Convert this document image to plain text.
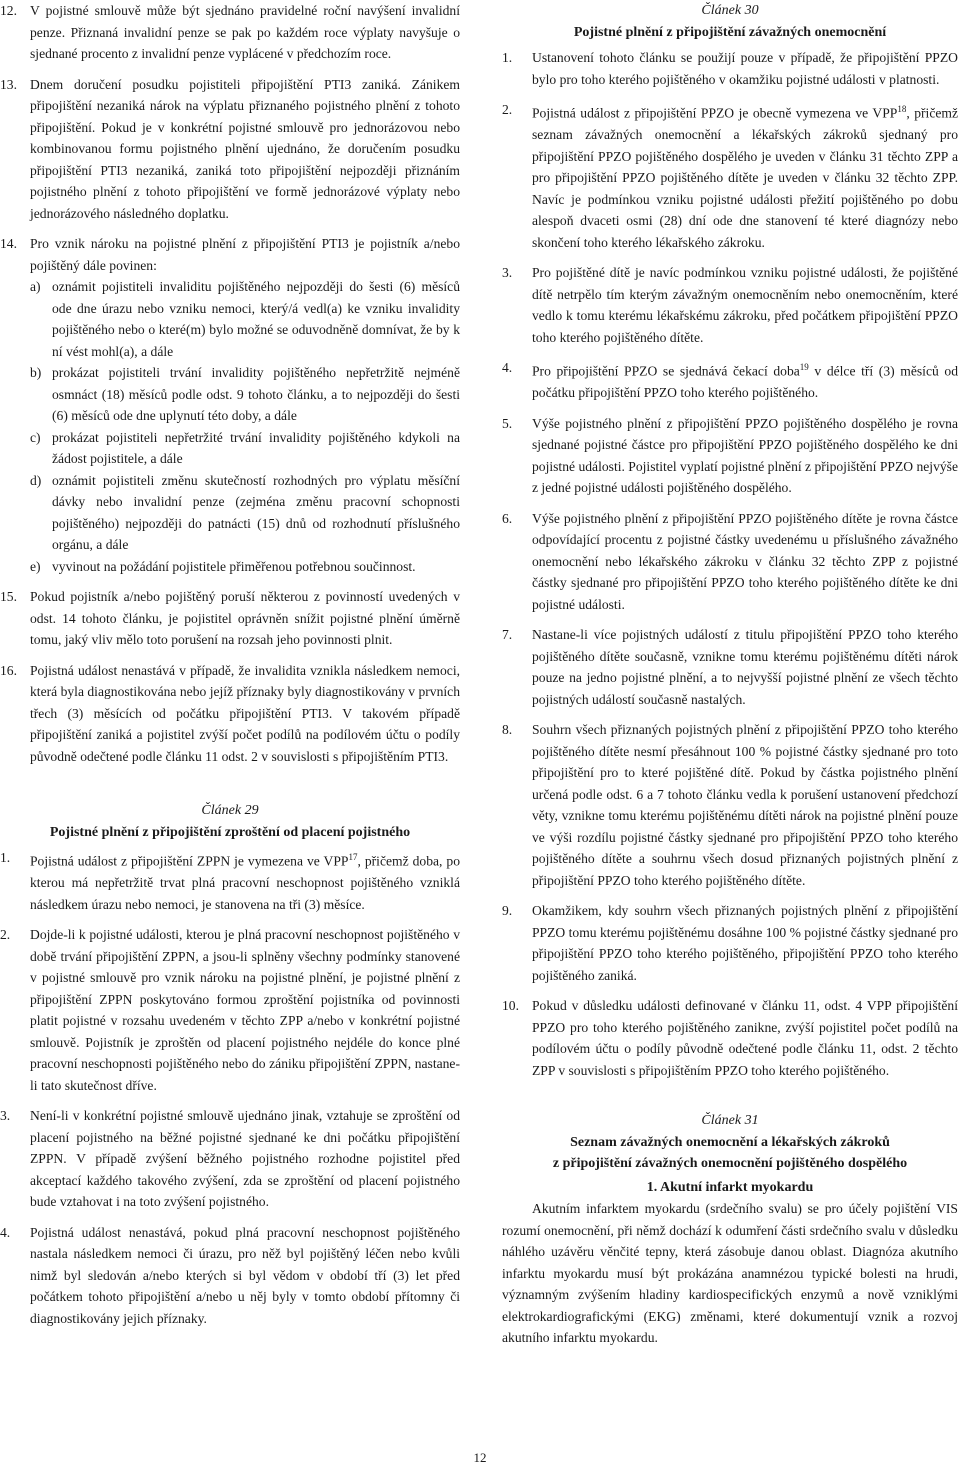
12. V pojistné smlouvě může být sjednáno pravidelné roční navýšení invalidní penze. Přiznaná invalidní penze se pak po každém roce výplaty navyšuje o sjednané procento z invalidní penze vyplácené v předchozím roce.

13. Dnem doručení posudku pojistiteli připojištění PTI3 zaniká. Zánikem připojištění nezaniká nárok na výplatu přiznaného pojistného plnění z tohoto připojištění. Pokud je v konkrétní pojistné smlouvě pro jednorázovou nebo kombinovanou formu pojistného plnění ujednáno, že doručením posudku připojištění PTI3 nezaniká, zaniká toto připojištění nejpozději přiznáním pojistného plnění z tohoto připojištění ve formě jednorázové výplaty nebo jednorázového následného doplatku.

14. Pro vznik nároku na pojistné plnění z připojištění PTI3 je pojistník a/nebo pojištěný dále povinen:

a) oznámit pojistiteli invaliditu pojištěného nejpozději do šesti (6) měsíců ode dne úrazu nebo vzniku nemoci, který/á vedl(a) ke vzniku invalidity pojištěného nebo o které(m) bylo možné se oduvodněně domnívat, že by k ní vést mohl(a), a dále

b) prokázat pojistiteli trvání invalidity pojištěného nepřetržitě nejméně osmnáct (18) měsíců podle odst. 9 tohoto článku, a to nejpozději do šesti (6) měsíců ode dne uplynutí této doby, a dále

c) prokázat pojistiteli nepřetržité trvání invalidity pojištěného kdykoli na žádost pojistitele, a dále

d) oznámit pojistiteli změnu skutečností rozhodných pro výplatu měsíční dávky nebo invalidní penze (zejména změnu pracovní schopnosti pojištěného) nejpozději do patnácti (15) dnů od rozhodnutí příslušného orgánu, a dále

e) vyvinout na požádání pojistitele přiměřenou potřebnou součinnost.

15. Pokud pojistník a/nebo pojištěný poruší některou z povinností uvedených v odst. 14 tohoto článku, je pojistitel oprávněn snížit pojistné plnění úměrně tomu, jaký vliv mělo toto porušení na rozsah jeho povinnosti plnit.

16. Pojistná událost nenastává v případě, že invalidita vznikla následkem nemoci, která byla diagnostikována nebo jejíž příznaky byly diagnostikovány v prvních třech (3) měsících od počátku připojištění PTI3. V takovém případě připojištění zaniká a pojistitel zvýší počet podílů na podílovém účtu o podíly původně odečtené podle článku 11 odst. 2 v souvislosti s připojištěním PTI3.

Článek 29
Pojistné plnění z připojištění zproštění od placení pojistného
1. Pojistná událost z připojištění ZPPN je vymezena ve VPP$^{17}$, přičemž doba, po kterou má nepřetržitě trvat plná pracovní neschopnost pojištěného vzniklá následkem úrazu nebo nemoci, je stanovena na tři (3) měsíce.

2. Dojde-li k pojistné události, kterou je plná pracovní neschopnost pojištěného v době trvání připojištění ZPPN, a jsou-li splněny všechny podmínky stanovené v pojistné smlouvě pro vznik nároku na pojistné plnění, je pojistné plnění z připojištění ZPPN poskytováno formou zproštění pojistníka od povinnosti platit pojistné v rozsahu uvedeném v těchto ZPP a/nebo v konkrétní pojistné smlouvě. Pojistník je zproštěn od placení pojistného nejdéle do konce plné pracovní neschopnosti pojištěného nebo do zániku připojištění ZPPN, nastane-li tato skutečnost dříve.

3. Není-li v konkrétní pojistné smlouvě ujednáno jinak, vztahuje se zproštění od placení pojistného na běžné pojistné sjednané ke dni počátku připojištění ZPPN. V případě zvýšení běžného pojistného rozhodne pojistitel před akceptací každého takového zvýšení, zda se zproštění od placení pojistného bude vztahovat i na toto zvýšení pojistného.

4. Pojistná událost nenastává, pokud plná pracovní neschopnost pojištěného nastala následkem nemoci či úrazu, pro něž byl pojištěný léčen nebo kvůli nimž byl sledován a/nebo kterých si byl vědom v období tří (3) let před počátkem tohoto připojištění a/nebo u něj byly v tomto období přítomny či diagnostikovány jejich příznaky.

Článek 30
Pojistné plnění z připojištění závažných onemocnění
1. Ustanovení tohoto článku se použijí pouze v případě, že připojištění PPZO bylo pro toho kterého pojištěného v okamžiku pojistné události v platnosti.

2. Pojistná událost z připojištění PPZO je obecně vymezena ve VPP$^{18}$, přičemž seznam závažných onemocnění a lékařských zákroků sjednaný pro připojištění PPZO pojištěného dospělého je uveden v článku 31 těchto ZPP a pro připojištění PPZO pojištěného dítěte je uveden v článku 32 těchto ZPP. Navíc je podmínkou vzniku pojistné události přežití pojištěného po dobu alespoň dvaceti osmi (28) dní ode dne stanovení té které diagnózy nebo skončení toho kterého lékařského zákroku.

3. Pro pojištěné dítě je navíc podmínkou vzniku pojistné události, že pojištěné dítě netrpělo tím kterým závažným onemocněním nebo onemocněním, které vedlo k tomu kterému lékařskému zákroku, před počátkem připojištění PPZO toho kterého pojištěného dítěte.

4. Pro připojištění PPZO se sjednává čekací doba$^{19}$ v délce tří (3) měsíců od počátku připojištění PPZO toho kterého pojištěného.

5. Výše pojistného plnění z připojištění PPZO pojištěného dospělého je rovna sjednané pojistné částce pro připojištění PPZO pojištěného dospělého ke dni pojistné události. Pojistitel vyplatí pojistné plnění z připojištění PPZO nejvýše z jedné pojistné události pojištěného dospělého.

6. Výše pojistného plnění z připojištění PPZO pojištěného dítěte je rovna částce odpovídající procentu z pojistné částky uvedenému u příslušného závažného onemocnění nebo lékařského zákroku v článku 32 těchto ZPP z pojistné částky sjednané pro připojištění PPZO toho kterého pojištěného dítěte ke dni pojistné události.

7. Nastane-li více pojistných událostí z titulu připojištění PPZO toho kterého pojištěného dítěte současně, vznikne tomu kterému pojištěnému dítěti nárok pouze na jedno pojistné plnění, a to nejvyšší pojistné plnění ze všech těchto pojistných událostí současně nastalých.

8. Souhrn všech přiznaných pojistných plnění z připojištění PPZO toho kterého pojištěného dítěte nesmí přesáhnout 100 % pojistné částky sjednané pro toto připojištění pro to které pojištěné dítě. Pokud by částka pojistného plnění určená podle odst. 6 a 7 tohoto článku vedla k porušení ustanovení předchozí věty, vznikne tomu kterému pojištěnému dítěti nárok na pojistné plnění pouze ve výši rozdílu pojistné částky sjednané pro připojištění PPZO toho kterého pojištěného dítěte a souhrnu všech dosud přiznaných pojistných plnění z připojištění PPZO toho kterého pojištěného dítěte.

9. Okamžikem, kdy souhrn všech přiznaných pojistných plnění z připojištění PPZO tomu kterému pojištěnému dosáhne 100 % pojistné částky sjednané pro připojištění PPZO toho kterého pojištěného, připojištění PPZO toho kterého pojištěného zaniká.

10. Pokud v důsledku události definované v článku 11, odst. 4 VPP připojištění PPZO pro toho kterého pojištěného zanikne, zvýší pojistitel počet podílů na podílovém účtu o podíly původně odečtené podle článku 11, odst. 2 těchto ZPP v souvislosti s připojištěním PPZO toho kterého pojištěného.

Článek 31
Seznam závažných onemocnění a lékařských zákroků
z připojištění závažných onemocnění pojištěného dospělého
1. Akutní infarkt myokardu

Akutním infarktem myokardu (srdečního svalu) se pro účely pojištění VIS rozumí onemocnění, při němž dochází k odumření části srdečního svalu v důsledku náhlého uzávěru věnčité tepny, která zásobuje danou oblast. Diagnóza akutního infarktu myokardu musí být prokázána anamnézou typické bolesti na hrudi, významným zvýšením hladiny kardiospecifických enzymů a nově vzniklými elektrokardiografickými (EKG) změnami, které dokumentují vznik a rozvoj akutního infarktu myokardu.

12
